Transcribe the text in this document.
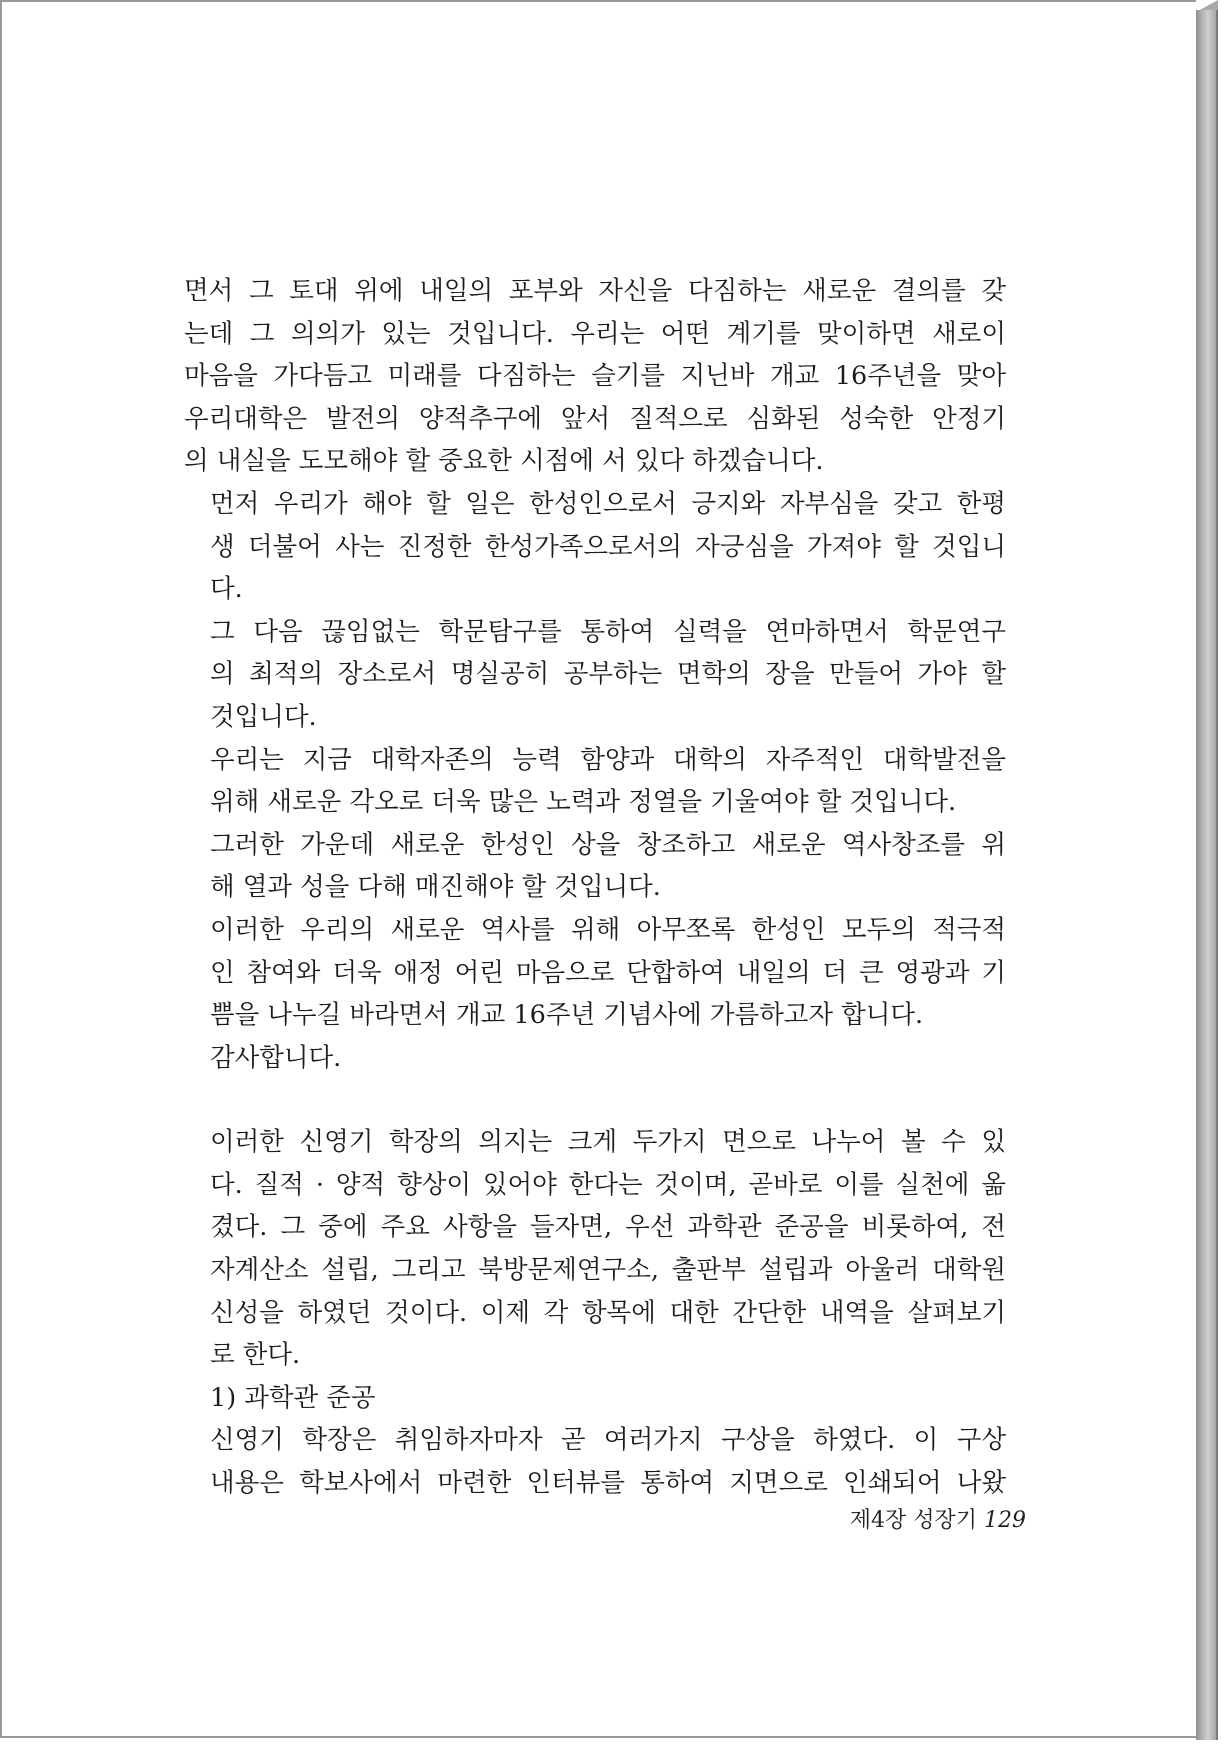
면서 그 토대 위에 내일의 포부와 자신을 다짐하는 새로운 결의를 갖
는데 그 의의가 있는 것입니다. 우리는 어떤 계기를 맞이하면 새로이
마음을 가다듬고 미래를 다짐하는 슬기를 지닌바 개교 16주년을 맞아
우리대학은 발전의 양적추구에 앞서 질적으로 심화된 성숙한 안정기
의 내실을 도모해야 할 중요한 시점에 서 있다 하겠습니다.

먼저 우리가 해야 할 일은 한성인으로서 긍지와 자부심을 갖고 한평
생 더불어 사는 진정한 한성가족으로서의 자긍심을 가져야 할 것입니
다.

그 다음 끊임없는 학문탐구를 통하여 실력을 연마하면서 학문연구
의 최적의 장소로서 명실공히 공부하는 면학의 장을 만들어 가야 할
것입니다.

우리는 지금 대학자존의 능력 함양과 대학의 자주적인 대학발전을
위해 새로운 각오로 더욱 많은 노력과 정열을 기울여야 할 것입니다.

그러한 가운데 새로운 한성인 상을 창조하고 새로운 역사창조를 위
해 열과 성을 다해 매진해야 할 것입니다.

이러한 우리의 새로운 역사를 위해 아무쪼록 한성인 모두의 적극적
인 참여와 더욱 애정 어린 마음으로 단합하여 내일의 더 큰 영광과 기
쁨을 나누길 바라면서 개교 16주년 기념사에 가름하고자 합니다.

감사합니다.

이러한 신영기 학장의 의지는 크게 두가지 면으로 나누어 볼 수 있
다. 질적 · 양적 향상이 있어야 한다는 것이며, 곧바로 이를 실천에 옮
겼다. 그 중에 주요 사항을 들자면, 우선 과학관 준공을 비롯하여, 전
자계산소 설립, 그리고 북방문제연구소, 출판부 설립과 아울러 대학원
신성을 하였던 것이다. 이제 각 항목에 대한 간단한 내역을 살펴보기
로 한다.

1) 과학관 준공

신영기 학장은 취임하자마자 곧 여러가지 구상을 하였다. 이 구상
내용은 학보사에서 마련한 인터뷰를 통하여 지면으로 인쇄되어 나왔

제4장 성장기 129
